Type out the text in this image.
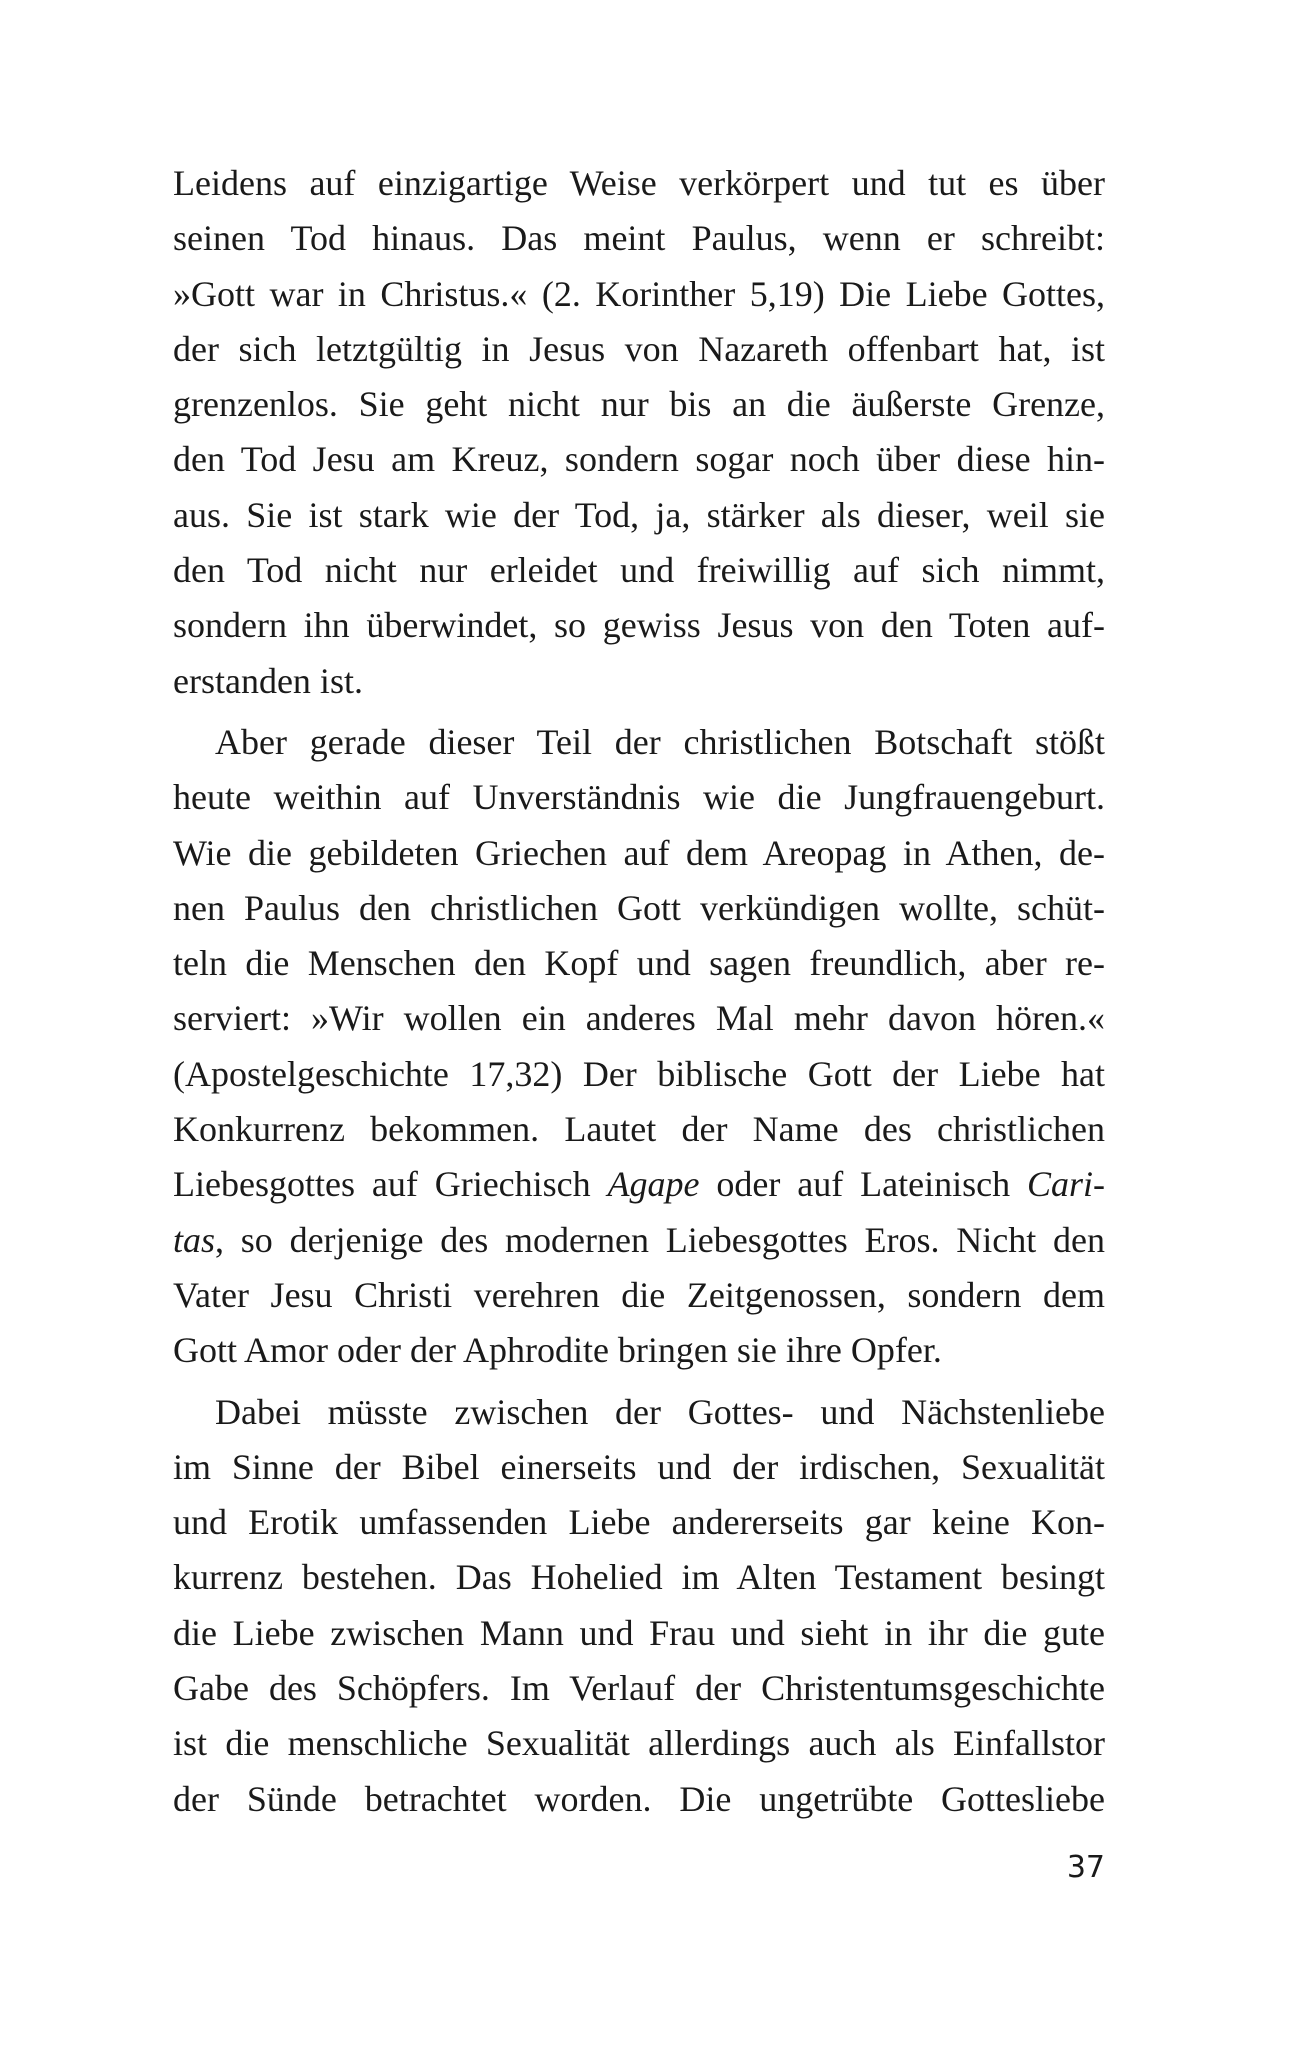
Leidens auf einzigartige Weise verkörpert und tut es über
seinen Tod hinaus. Das meint Paulus, wenn er schreibt:
»Gott war in Christus.« (2. Korinther 5,19) Die Liebe Gottes,
der sich letztgültig in Jesus von Nazareth offenbart hat, ist
grenzenlos. Sie geht nicht nur bis an die äußerste Grenze,
den Tod Jesu am Kreuz, sondern sogar noch über diese hin-
aus. Sie ist stark wie der Tod, ja, stärker als dieser, weil sie
den Tod nicht nur erleidet und freiwillig auf sich nimmt,
sondern ihn überwindet, so gewiss Jesus von den Toten auf-
erstanden ist.
Aber gerade dieser Teil der christlichen Botschaft stößt
heute weithin auf Unverständnis wie die Jungfrauengeburt.
Wie die gebildeten Griechen auf dem Areopag in Athen, de-
nen Paulus den christlichen Gott verkündigen wollte, schüt-
teln die Menschen den Kopf und sagen freundlich, aber re-
serviert: »Wir wollen ein anderes Mal mehr davon hören.«
(Apostelgeschichte 17,32) Der biblische Gott der Liebe hat
Konkurrenz bekommen. Lautet der Name des christlichen
Liebesgottes auf Griechisch Agape oder auf Lateinisch Cari-
tas, so derjenige des modernen Liebesgottes Eros. Nicht den
Vater Jesu Christi verehren die Zeitgenossen, sondern dem
Gott Amor oder der Aphrodite bringen sie ihre Opfer.
Dabei müsste zwischen der Gottes- und Nächstenliebe
im Sinne der Bibel einerseits und der irdischen, Sexualität
und Erotik umfassenden Liebe andererseits gar keine Kon-
kurrenz bestehen. Das Hohelied im Alten Testament besingt
die Liebe zwischen Mann und Frau und sieht in ihr die gute
Gabe des Schöpfers. Im Verlauf der Christentumsgeschichte
ist die menschliche Sexualität allerdings auch als Einfallstor
der Sünde betrachtet worden. Die ungetrübte Gottesliebe
37
